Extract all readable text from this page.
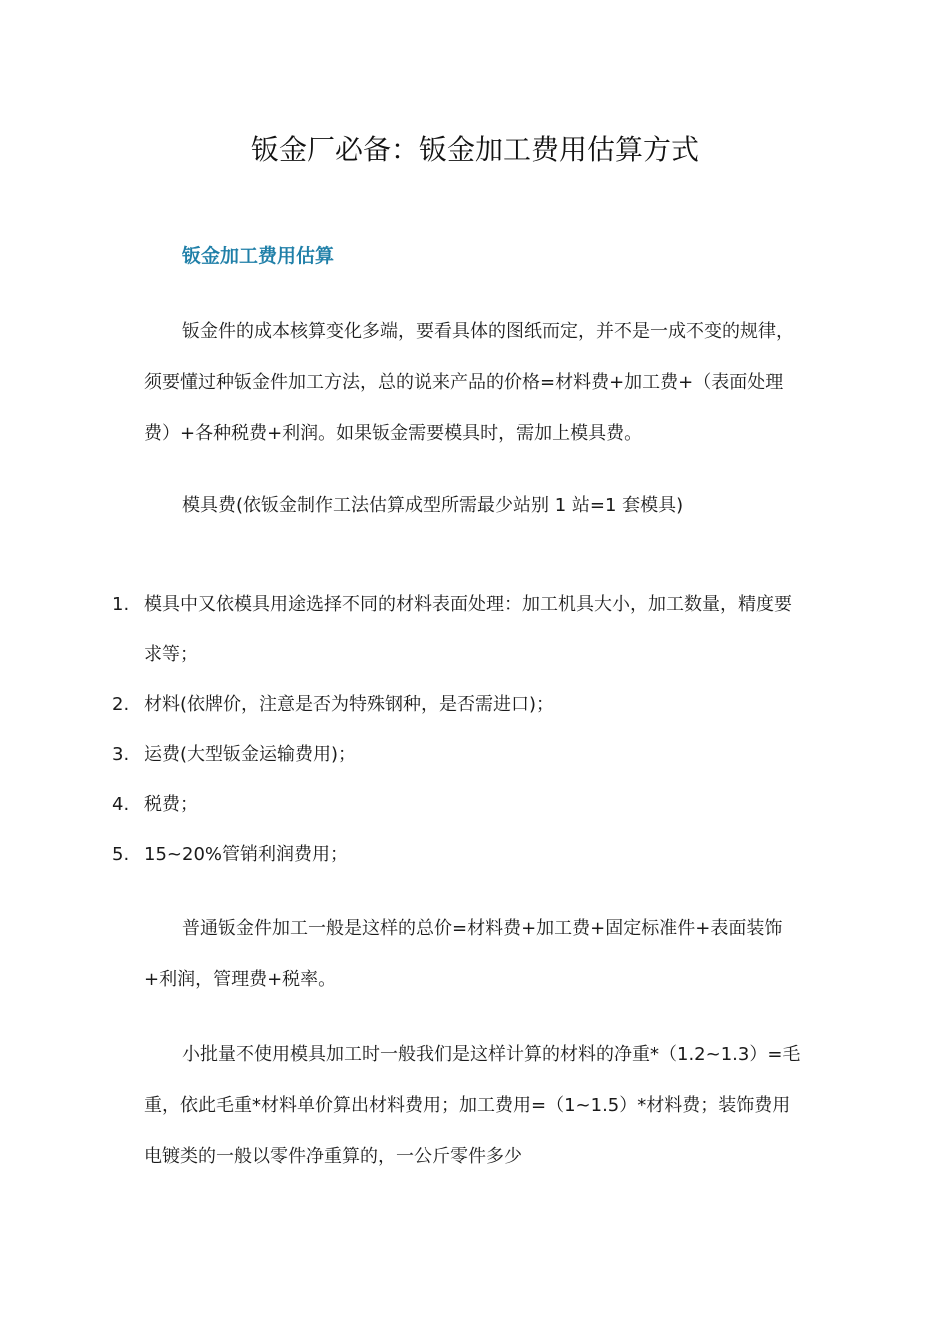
钣金厂必备：钣金加工费用估算方式
钣金加工费用估算

钣金件的成本核算变化多端，要看具体的图纸而定，并不是一成不变的规律，须要懂过种钣金件加工方法，总的说来产品的价格=材料费+加工费+（表面处理费）+各种税费+利润。如果钣金需要模具时，需加上模具费。

模具费(依钣金制作工法估算成型所需最少站别 1 站=1 套模具)

1. 模具中又依模具用途选择不同的材料表面处理：加工机具大小，加工数量，精度要求等；
2. 材料(依牌价，注意是否为特殊钢种，是否需进口)；
3. 运费(大型钣金运输费用)；
4. 税费；
5. 15~20%管销利润费用；

普通钣金件加工一般是这样的总价=材料费+加工费+固定标准件+表面装饰+利润，管理费+税率。

小批量不使用模具加工时一般我们是这样计算的材料的净重*（1.2~1.3）=毛重，依此毛重*材料单价算出材料费用；加工费用=（1~1.5）*材料费；装饰费用电镀类的一般以零件净重算的，一公斤零件多少
